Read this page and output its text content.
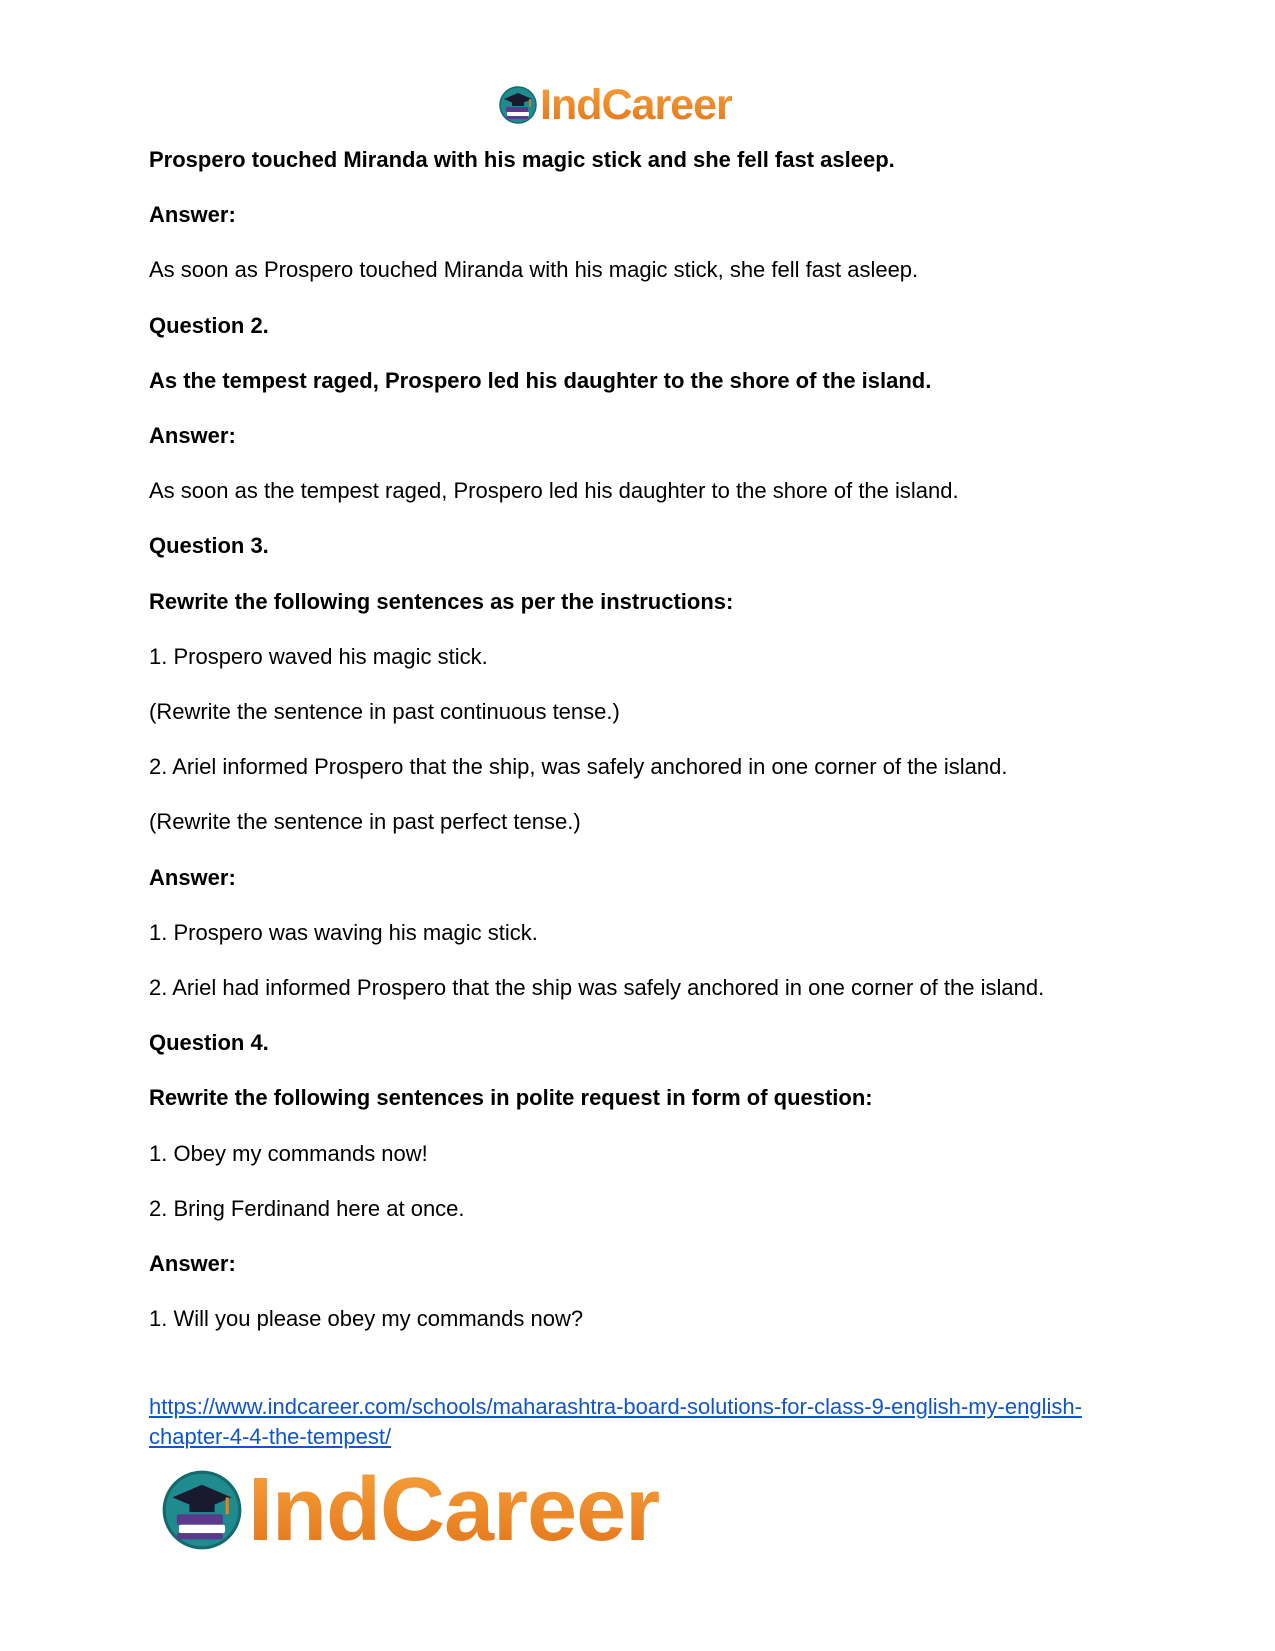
IndCareer

Prospero touched Miranda with his magic stick and she fell fast asleep.

Answer:

As soon as Prospero touched Miranda with his magic stick, she fell fast asleep.

Question 2.

As the tempest raged, Prospero led his daughter to the shore of the island.

Answer:

As soon as the tempest raged, Prospero led his daughter to the shore of the island.

Question 3.

Rewrite the following sentences as per the instructions:

1. Prospero waved his magic stick.

(Rewrite the sentence in past continuous tense.)

2. Ariel informed Prospero that the ship, was safely anchored in one corner of the island.

(Rewrite the sentence in past perfect tense.)

Answer:

1. Prospero was waving his magic stick.

2. Ariel had informed Prospero that the ship was safely anchored in one corner of the island.

Question 4.

Rewrite the following sentences in polite request in form of question:

1. Obey my commands now!

2. Bring Ferdinand here at once.

Answer:

1. Will you please obey my commands now?

https://www.indcareer.com/schools/maharashtra-board-solutions-for-class-9-english-my-english-
chapter-4-4-the-tempest/
IndCareer
